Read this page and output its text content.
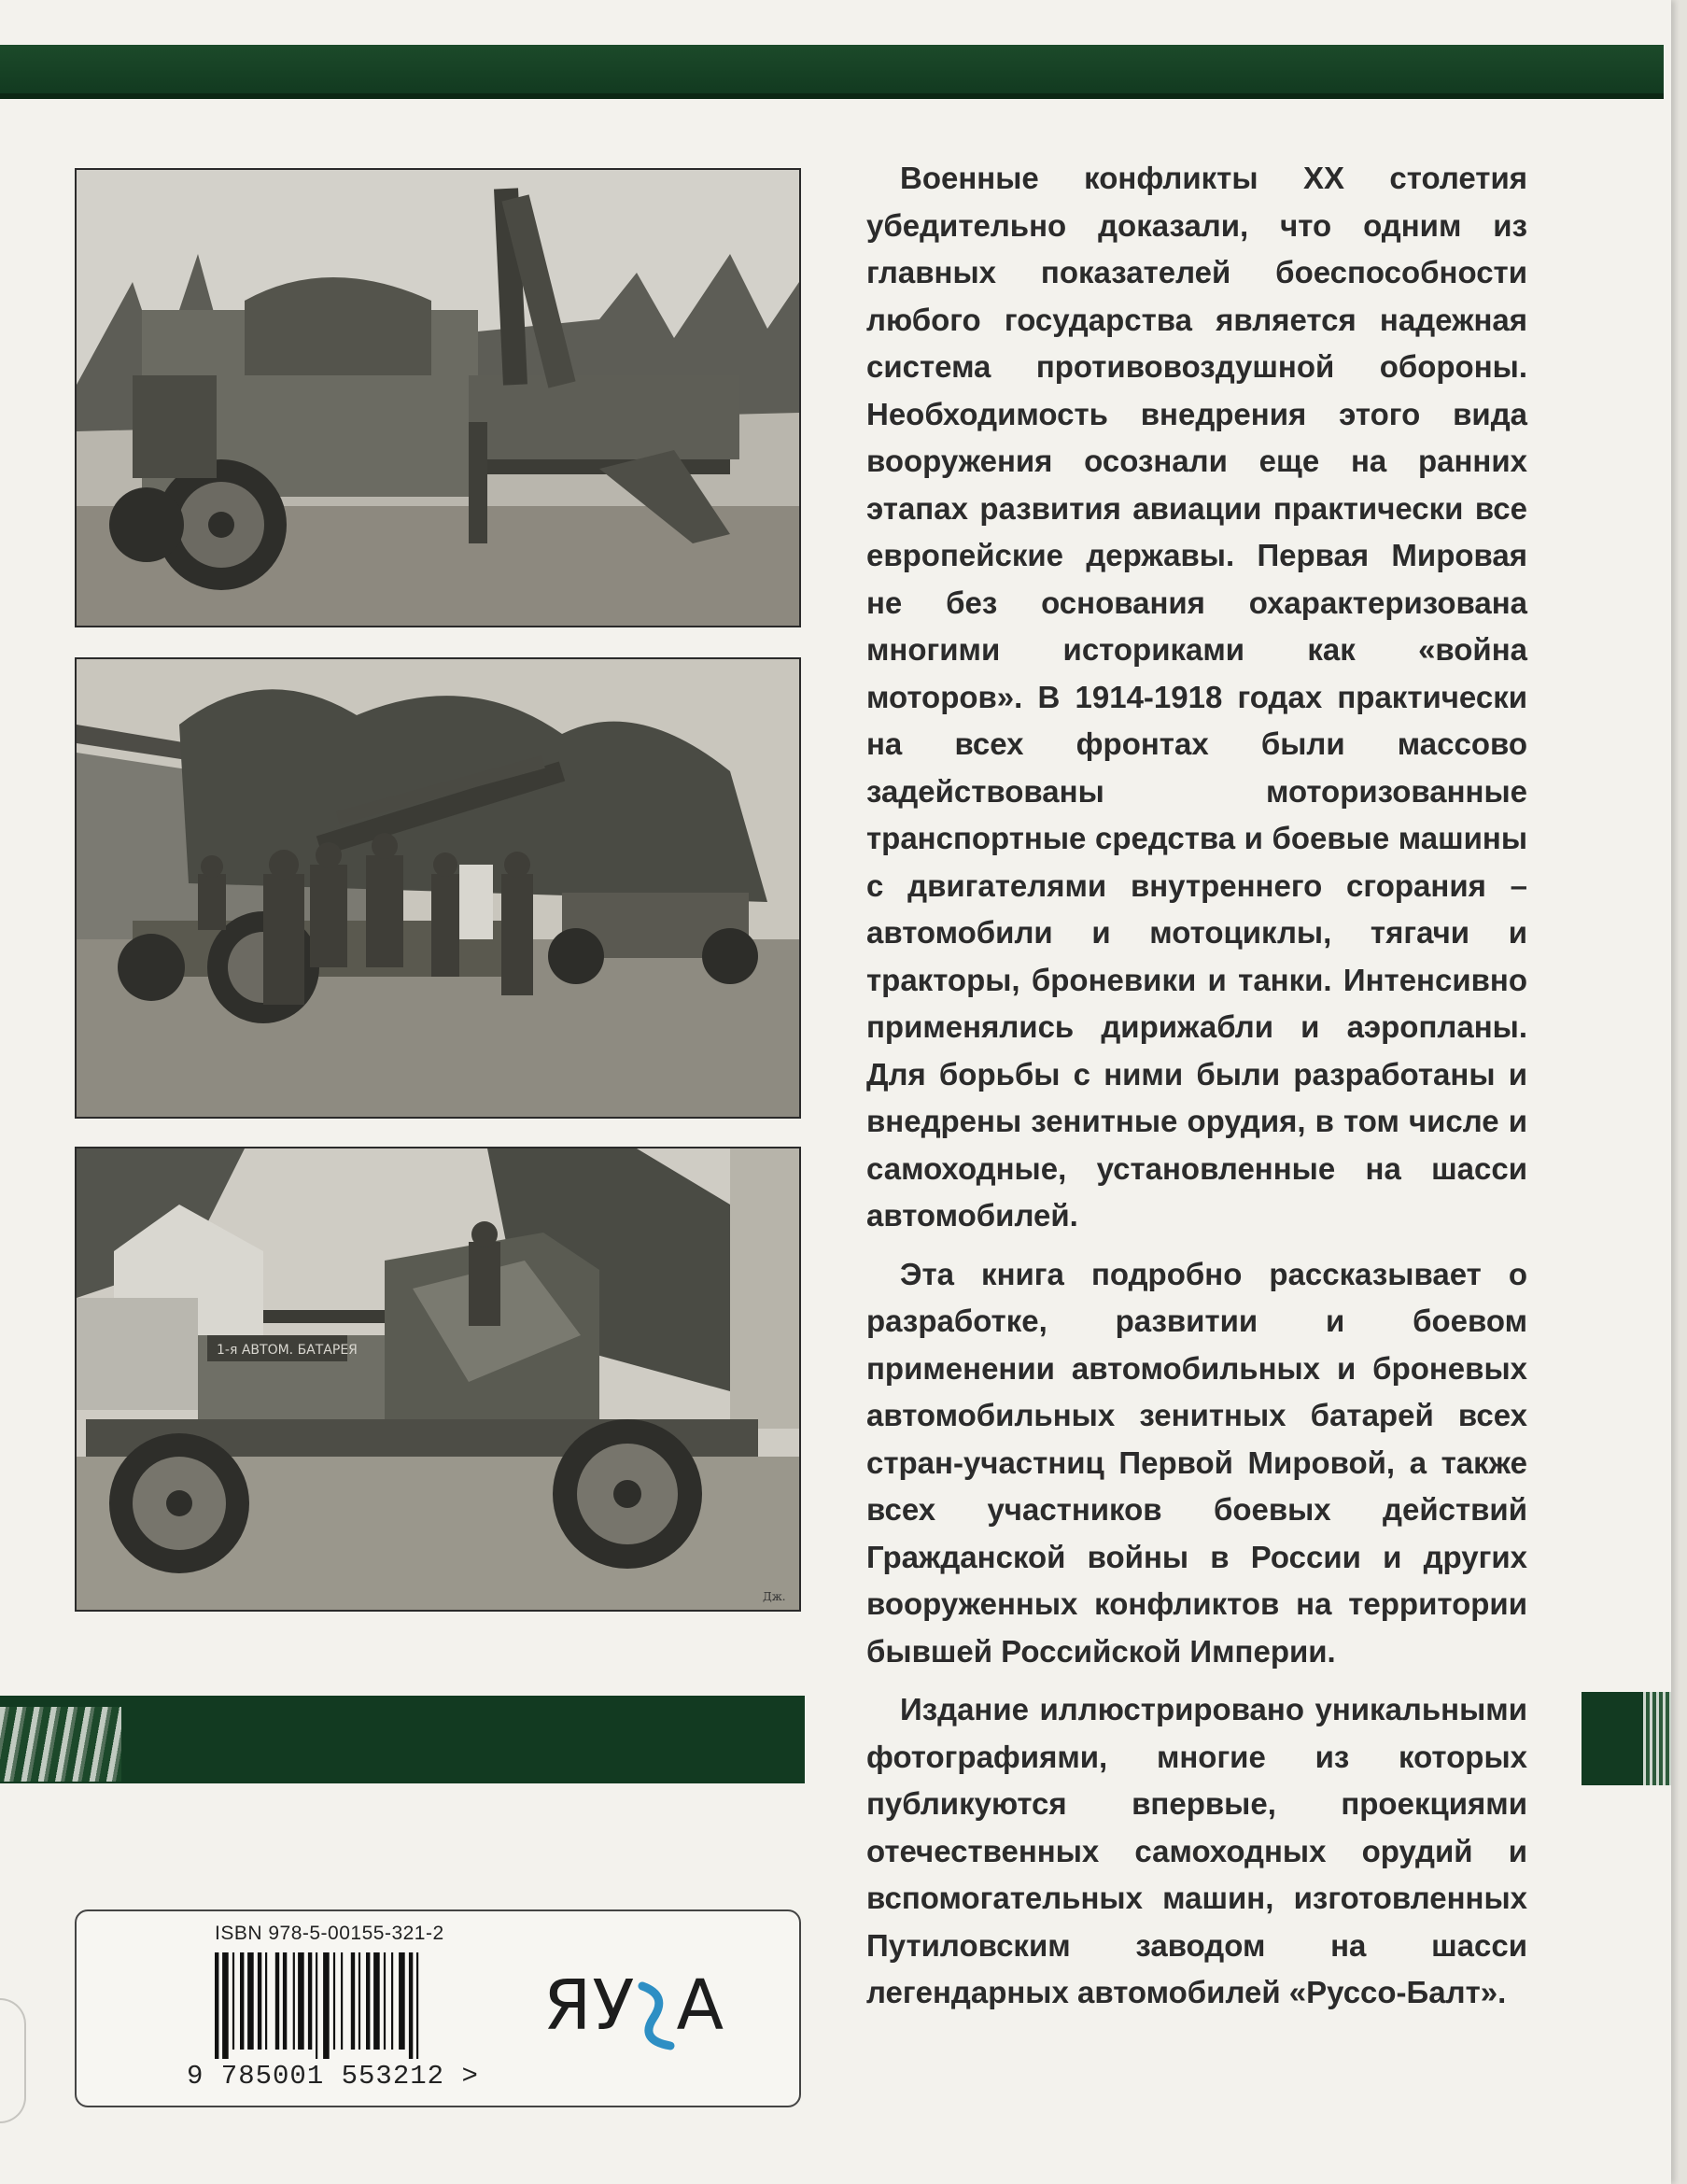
1-я АВТОМ. БАТАРЕЯ
Дж.

Военные конфликты XX столетия убедительно доказали, что одним из главных показателей боеспособности любого государства является надежная система противовоздушной обороны. Необходимость внедрения этого вида вооружения осознали еще на ранних этапах развития авиации практически все европейские державы. Первая Мировая не без основания охарактеризована многими историками как «война моторов». В 1914-1918 годах практически на всех фронтах были массово задействованы моторизованные транспортные средства и боевые машины с двигателями внутреннего сгорания – автомобили и мотоциклы, тягачи и тракторы, броневики и танки. Интенсивно применялись дирижабли и аэропланы. Для борьбы с ними были разработаны и внедрены зенитные орудия, в том числе и самоходные, установленные на шасси автомобилей.

Эта книга подробно рассказывает о разработке, развитии и боевом применении автомобильных и броневых автомобильных зенитных батарей всех стран-участниц Первой Мировой, а также всех участников боевых действий Гражданской войны в России и других вооруженных конфликтов на территории бывшей Российской Империи.

Издание иллюстрировано уникальными фотографиями, многие из которых публикуются впервые, проекциями отечественных самоходных орудий и вспомогательных машин, изготовленных Путиловским заводом на шасси легендарных автомобилей «Руссо-Балт».

ISBN 978-5-00155-321-2
9 785001 553212 >
ЯУ А
